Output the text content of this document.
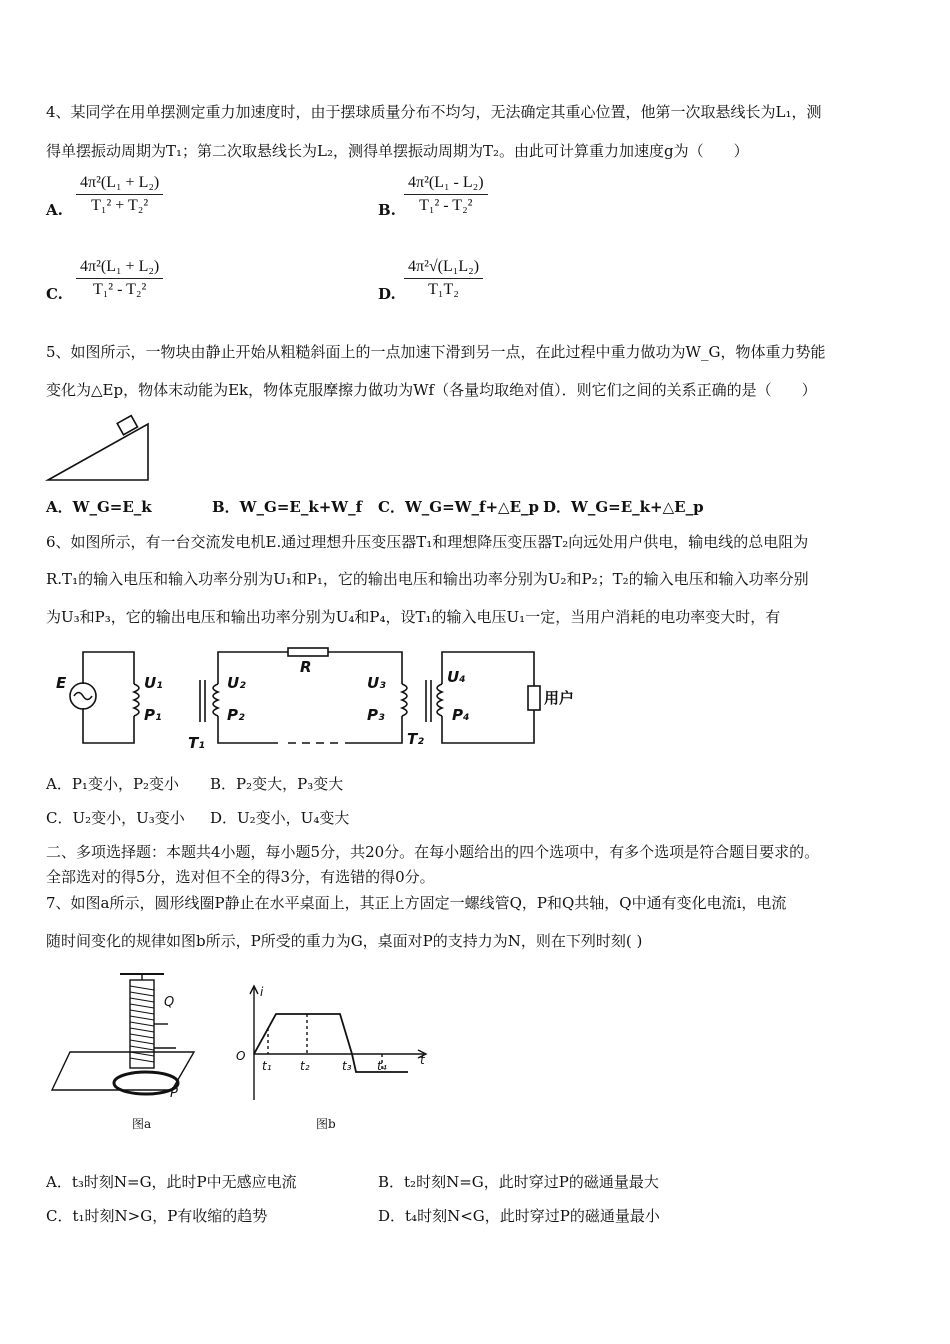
4、某同学在用单摆测定重力加速度时，由于摆球质量分布不均匀，无法确定其重心位置，他第一次取悬线长为L₁，测
得单摆振动周期为T₁；第二次取悬线长为L₂，测得单摆振动周期为T₂。由此可计算重力加速度g为（　　）
A.
4π²(L₁ + L₂)
T₁² + T₂²	B.
4π²(L₁ - L₂)
T₁² - T₂²
C.
4π²(L₁ + L₂)
T₁² - T₂²	D.
4π²√(L₁L₂)
T₁T₂
5、如图所示，一物块由静止开始从粗糙斜面上的一点加速下滑到另一点，在此过程中重力做功为W_G，物体重力势能
变化为△Ep，物体末动能为Ek，物体克服摩擦力做功为Wf（各量均取绝对值）．则它们之间的关系正确的是（　　）
A．W_G=E_k	B．W_G=E_k+W_f C．W_G=W_f+△E_p D．W_G=E_k+△E_p
6、如图所示，有一台交流发电机E.通过理想升压变压器T₁和理想降压变压器T₂向远处用户供电，输电线的总电阻为
R.T₁的输入电压和输入功率分别为U₁和P₁，它的输出电压和输出功率分别为U₂和P₂；T₂的输入电压和输入功率分别
为U₃和P₃，它的输出电压和输出功率分别为U₄和P₄，设T₁的输入电压U₁一定，当用户消耗的电功率变大时，有
E	U₁
P₁
U₂
P₂
R
U₃
P₃
U₄
P₄
T₁	T₂
用户
A．P₁变小，P₂变小 B．P₂变大，P₃变大
C．U₂变小，U₃变小 D．U₂变小，U₄变大
二、多项选择题：本题共4小题，每小题5分，共20分。在每小题给出的四个选项中，有多个选项是符合题目要求的。
全部选对的得5分，选对但不全的得3分，有选错的得0分。
7、如图a所示，圆形线圈P静止在水平桌面上，其正上方固定一螺线管Q，P和Q共轴，Q中通有变化电流i，电流
随时间变化的规律如图b所示，P所受的重力为G，桌面对P的支持力为N，则在下列时刻( )
Q
P
图a
i
O	t
t₁ t₂	t₃ t₄
图b
A．t₃时刻N=G，此时P中无感应电流	B．t₂时刻N=G，此时穿过P的磁通量最大
C．t₁时刻N>G，P有收缩的趋势	D．t₄时刻N<G，此时穿过P的磁通量最小
